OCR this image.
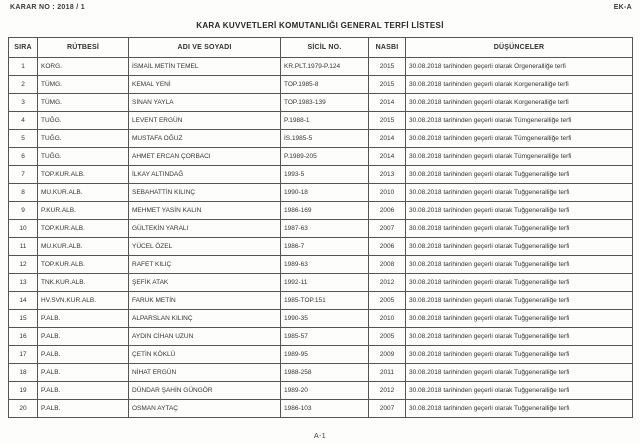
KARAR NO : 2018 / 1	EK-A
KARA KUVVETLERİ KOMUTANLIĞI GENERAL TERFİ LİSTESİ
SIRA	RÜTBESİ	ADI VE SOYADI	SİCİL NO.	NASBI	DÜŞÜNCELER
1	KORG.	İSMAİL METİN TEMEL	KR.PLT.1979-P.124	2015	30.08.2018 tarihinden geçerli olarak Orgeneralliğe terfi
2	TÜMG.	KEMAL YENİ	TOP.1985-8	2015	30.08.2018 tarihinden geçerli olarak Korgeneralliğe terfi
3	TÜMG.	SİNAN YAYLA	TOP.1983-139	2014	30.08.2018 tarihinden geçerli olarak Korgeneralliğe terfi
4	TUĞG.	LEVENT ERGÜN	P.1988-1	2015	30.08.2018 tarihinden geçerli olarak Tümgeneralliğe terfi
5	TUĞG.	MUSTAFA OĞUZ	İS.1985-5	2014	30.08.2018 tarihinden geçerli olarak Tümgeneralliğe terfi
6	TUĞG.	AHMET ERCAN ÇORBACI	P.1989-205	2014	30.08.2018 tarihinden geçerli olarak Tümgeneralliğe terfi
7	TOP.KUR.ALB.	İLKAY ALTINDAĞ	1993-5	2013	30.08.2018 tarihinden geçerli olarak Tuğgeneralliğe terfi
8	MU.KUR.ALB.	SEBAHATTİN KILINÇ	1990-18	2010	30.08.2018 tarihinden geçerli olarak Tuğgeneralliğe terfi
9	P.KUR.ALB.	MEHMET YASİN KALIN	1986-169	2006	30.08.2018 tarihinden geçerli olarak Tuğgeneralliğe terfi
10	TOP.KUR.ALB.	GÜLTEKİN YARALI	1987-63	2007	30.08.2018 tarihinden geçerli olarak Tuğgeneralliğe terfi
11	MU.KUR.ALB.	YÜCEL ÖZEL	1986-7	2006	30.08.2018 tarihinden geçerli olarak Tuğgeneralliğe terfi
12	TOP.KUR.ALB.	RAFET KILIÇ	1989-63	2008	30.08.2018 tarihinden geçerli olarak Tuğgeneralliğe terfi
13	TNK.KUR.ALB.	ŞEFİK ATAK	1992-11	2012	30.08.2018 tarihinden geçerli olarak Tuğgeneralliğe terfi
14	HV.SVN.KUR.ALB.	FARUK METİN	1985-TOP.151	2005	30.08.2018 tarihinden geçerli olarak Tuğgeneralliğe terfi
15	P.ALB.	ALPARSLAN KILINÇ	1990-35	2010	30.08.2018 tarihinden geçerli olarak Tuğgeneralliğe terfi
16	P.ALB.	AYDIN CİHAN UZUN	1985-57	2005	30.08.2018 tarihinden geçerli olarak Tuğgeneralliğe terfi
17	P.ALB.	ÇETİN KÖKLÜ	1989-95	2009	30.08.2018 tarihinden geçerli olarak Tuğgeneralliğe terfi
18	P.ALB.	NİHAT ERGÜN	1988-258	2011	30.08.2018 tarihinden geçerli olarak Tuğgeneralliğe terfi
19	P.ALB.	DÜNDAR ŞAHİN GÜNGÖR	1989-20	2012	30.08.2018 tarihinden geçerli olarak Tuğgeneralliğe terfi
20	P.ALB.	OSMAN AYTAÇ	1986-103	2007	30.08.2018 tarihinden geçerli olarak Tuğgeneralliğe terfi
A-1
